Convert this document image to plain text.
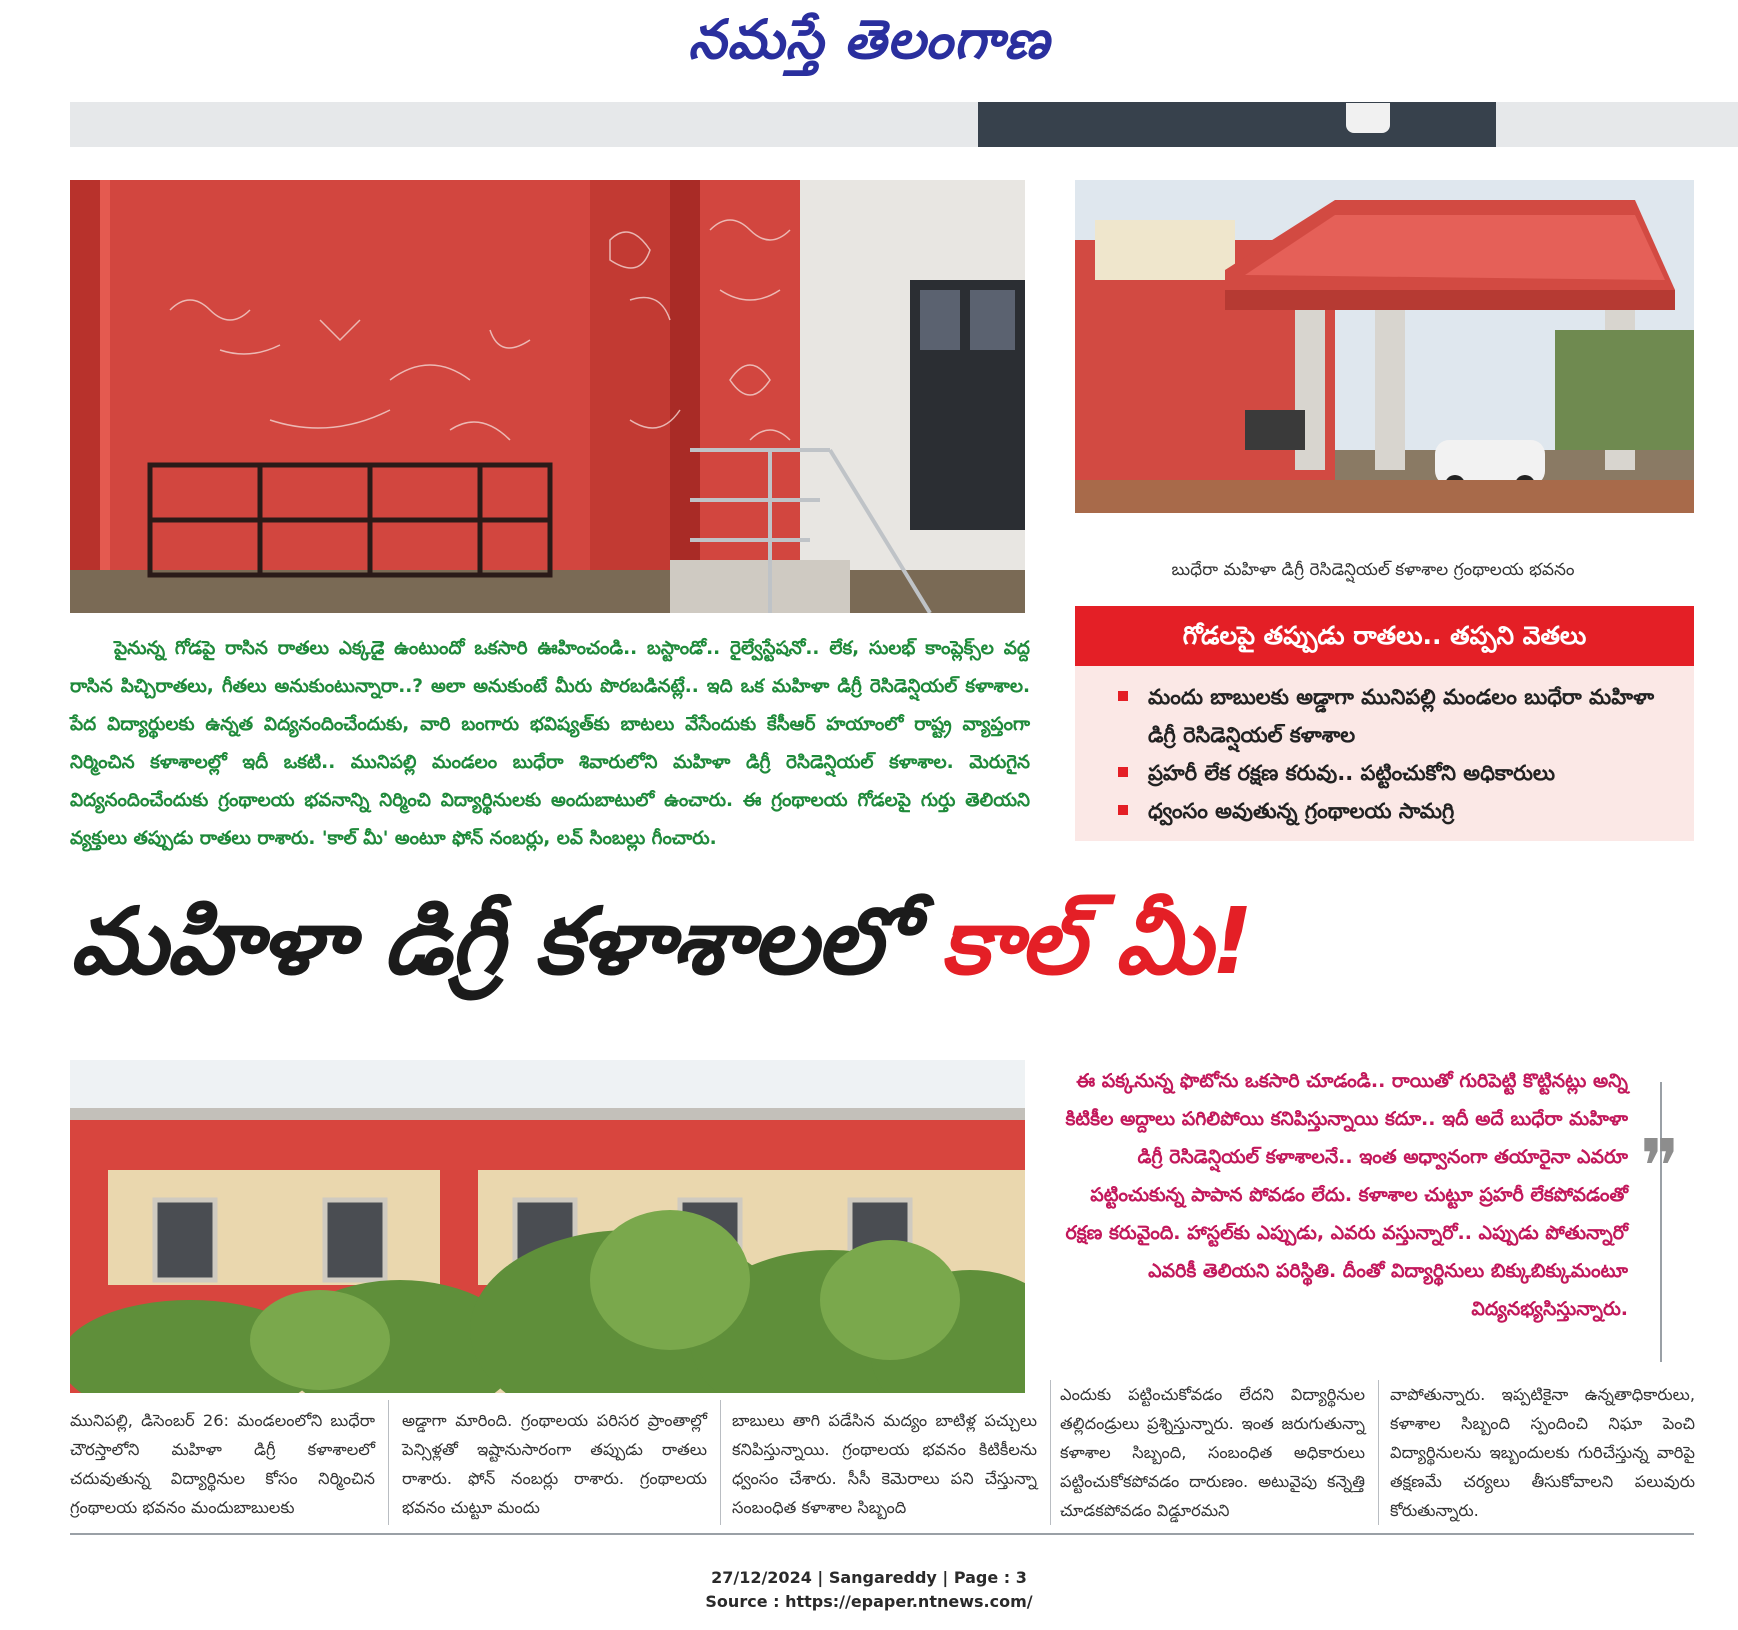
నమస్తే తెలంగాణ
బుధేరా మహిళా డిగ్రీ రెసిడెన్షియల్ కళాశాల గ్రంథాలయ భవనం
పైనున్న గోడపై రాసిన రాతలు ఎక్కడైె ఉంటుందో ఒకసారి ఊహించండి.. బస్టాండో.. రైల్వేస్టేషనో.. లేక, సులభ్ కాంప్లెక్స్‌ల వద్ద రాసిన పిచ్చిరాతలు, గీతలు అనుకుంటున్నారా..? అలా అనుకుంటే మీరు పొరబడినట్లే.. ఇది ఒక మహిళా డిగ్రీ రెసిడెన్షియల్ కళాశాల. పేద విద్యార్థులకు ఉన్నత విద్యనందించేందుకు, వారి బంగారు భవిష్యత్‌కు బాటలు వేసేందుకు కేసీఆర్ హయాంలో రాష్ట్ర వ్యాప్తంగా నిర్మించిన కళాశాలల్లో ఇదీ ఒకటి.. మునిపల్లి మండలం బుధేరా శివారులోని మహిళా డిగ్రీ రెసిడెన్షియల్ కళాశాల. మెరుగైన విద్యనందించేందుకు గ్రంథాలయ భవనాన్ని నిర్మించి విద్యార్థినులకు అందుబాటులో ఉంచారు. ఈ గ్రంథాలయ గోడలపై గుర్తు తెలియని వ్యక్తులు తప్పుడు రాతలు రాశారు. 'కాల్ మీ' అంటూ ఫోన్ నంబర్లు, లవ్ సింబల్లు గీంచారు.
గోడలపై తప్పుడు రాతలు.. తప్పని వెతలు
మందు బాబులకు అడ్డాగా మునిపల్లి మండలం బుధేరా మహిళా డిగ్రీ రెసిడెన్షియల్ కళాశాల
ప్రహరీ లేక రక్షణ కరువు.. పట్టించుకోని అధికారులు
ధ్వంసం అవుతున్న గ్రంథాలయ సామగ్రి
మహిళా డిగ్రీ కళాశాలలో కాల్ మీ!
ఈ పక్కనున్న ఫొటోను ఒకసారి చూడండి.. రాయితో గురిపెట్టి కొట్టినట్లు అన్ని కిటికీల అద్దాలు పగిలిపోయి కనిపిస్తున్నాయి కదూ.. ఇదీ అదే బుధేరా మహిళా డిగ్రీ రెసిడెన్షియల్ కళాశాలనే.. ఇంత అధ్వానంగా తయారైనా ఎవరూ పట్టించుకున్న పాపాన పోవడం లేదు. కళాశాల చుట్టూ ప్రహరీ లేకపోవడంతో రక్షణ కరువైంది. హాస్టల్‌కు ఎప్పుడు, ఎవరు వస్తున్నారో.. ఎప్పుడు పోతున్నారో ఎవరికీ తెలియని పరిస్థితి. దీంతో విద్యార్థినులు బిక్కుబిక్కుమంటూ విద్యనభ్యసిస్తున్నారు.
❞
మునిపల్లి, డిసెంబర్ 26: మండలంలోని బుధేరా చౌరస్తాలోని మహిళా డిగ్రీ కళాశాలలో చదువుతున్న విద్యార్థినుల కోసం నిర్మించిన గ్రంథాలయ భవనం మందుబాబులకు
అడ్డాగా మారింది. గ్రంథాలయ పరిసర ప్రాంతాల్లో పెన్సిళ్లతో ఇష్టానుసారంగా తప్పుడు రాతలు రాశారు. ఫోన్ నంబర్లు రాశారు. గ్రంథాలయ భవనం చుట్టూ మందు
బాబులు తాగి పడేసిన మద్యం బాటిళ్ల పచ్చులు కనిపిస్తున్నాయి. గ్రంథాలయ భవనం కిటికీలను ధ్వంసం చేశారు. సీసీ కెమెరాలు పని చేస్తున్నా సంబంధిత కళాశాల సిబ్బంది
ఎందుకు పట్టించుకోవడం లేదని విద్యార్థినుల తల్లిదండ్రులు ప్రశ్నిస్తున్నారు. ఇంత జరుగుతున్నా కళాశాల సిబ్బంది, సంబంధిత అధికారులు పట్టించుకోకపోవడం దారుణం. అటువైపు కన్నెత్తి చూడకపోవడం విడ్డూరమని
వాపోతున్నారు. ఇప్పటికైనా ఉన్నతాధికారులు, కళాశాల సిబ్బంది స్పందించి నిఘా పెంచి విద్యార్థినులను ఇబ్బందులకు గురిచేస్తున్న వారిపై తక్షణమే చర్యలు తీసుకోవాలని పలువురు కోరుతున్నారు.
27/12/2024 | Sangareddy | Page : 3
Source : https://epaper.ntnews.com/
